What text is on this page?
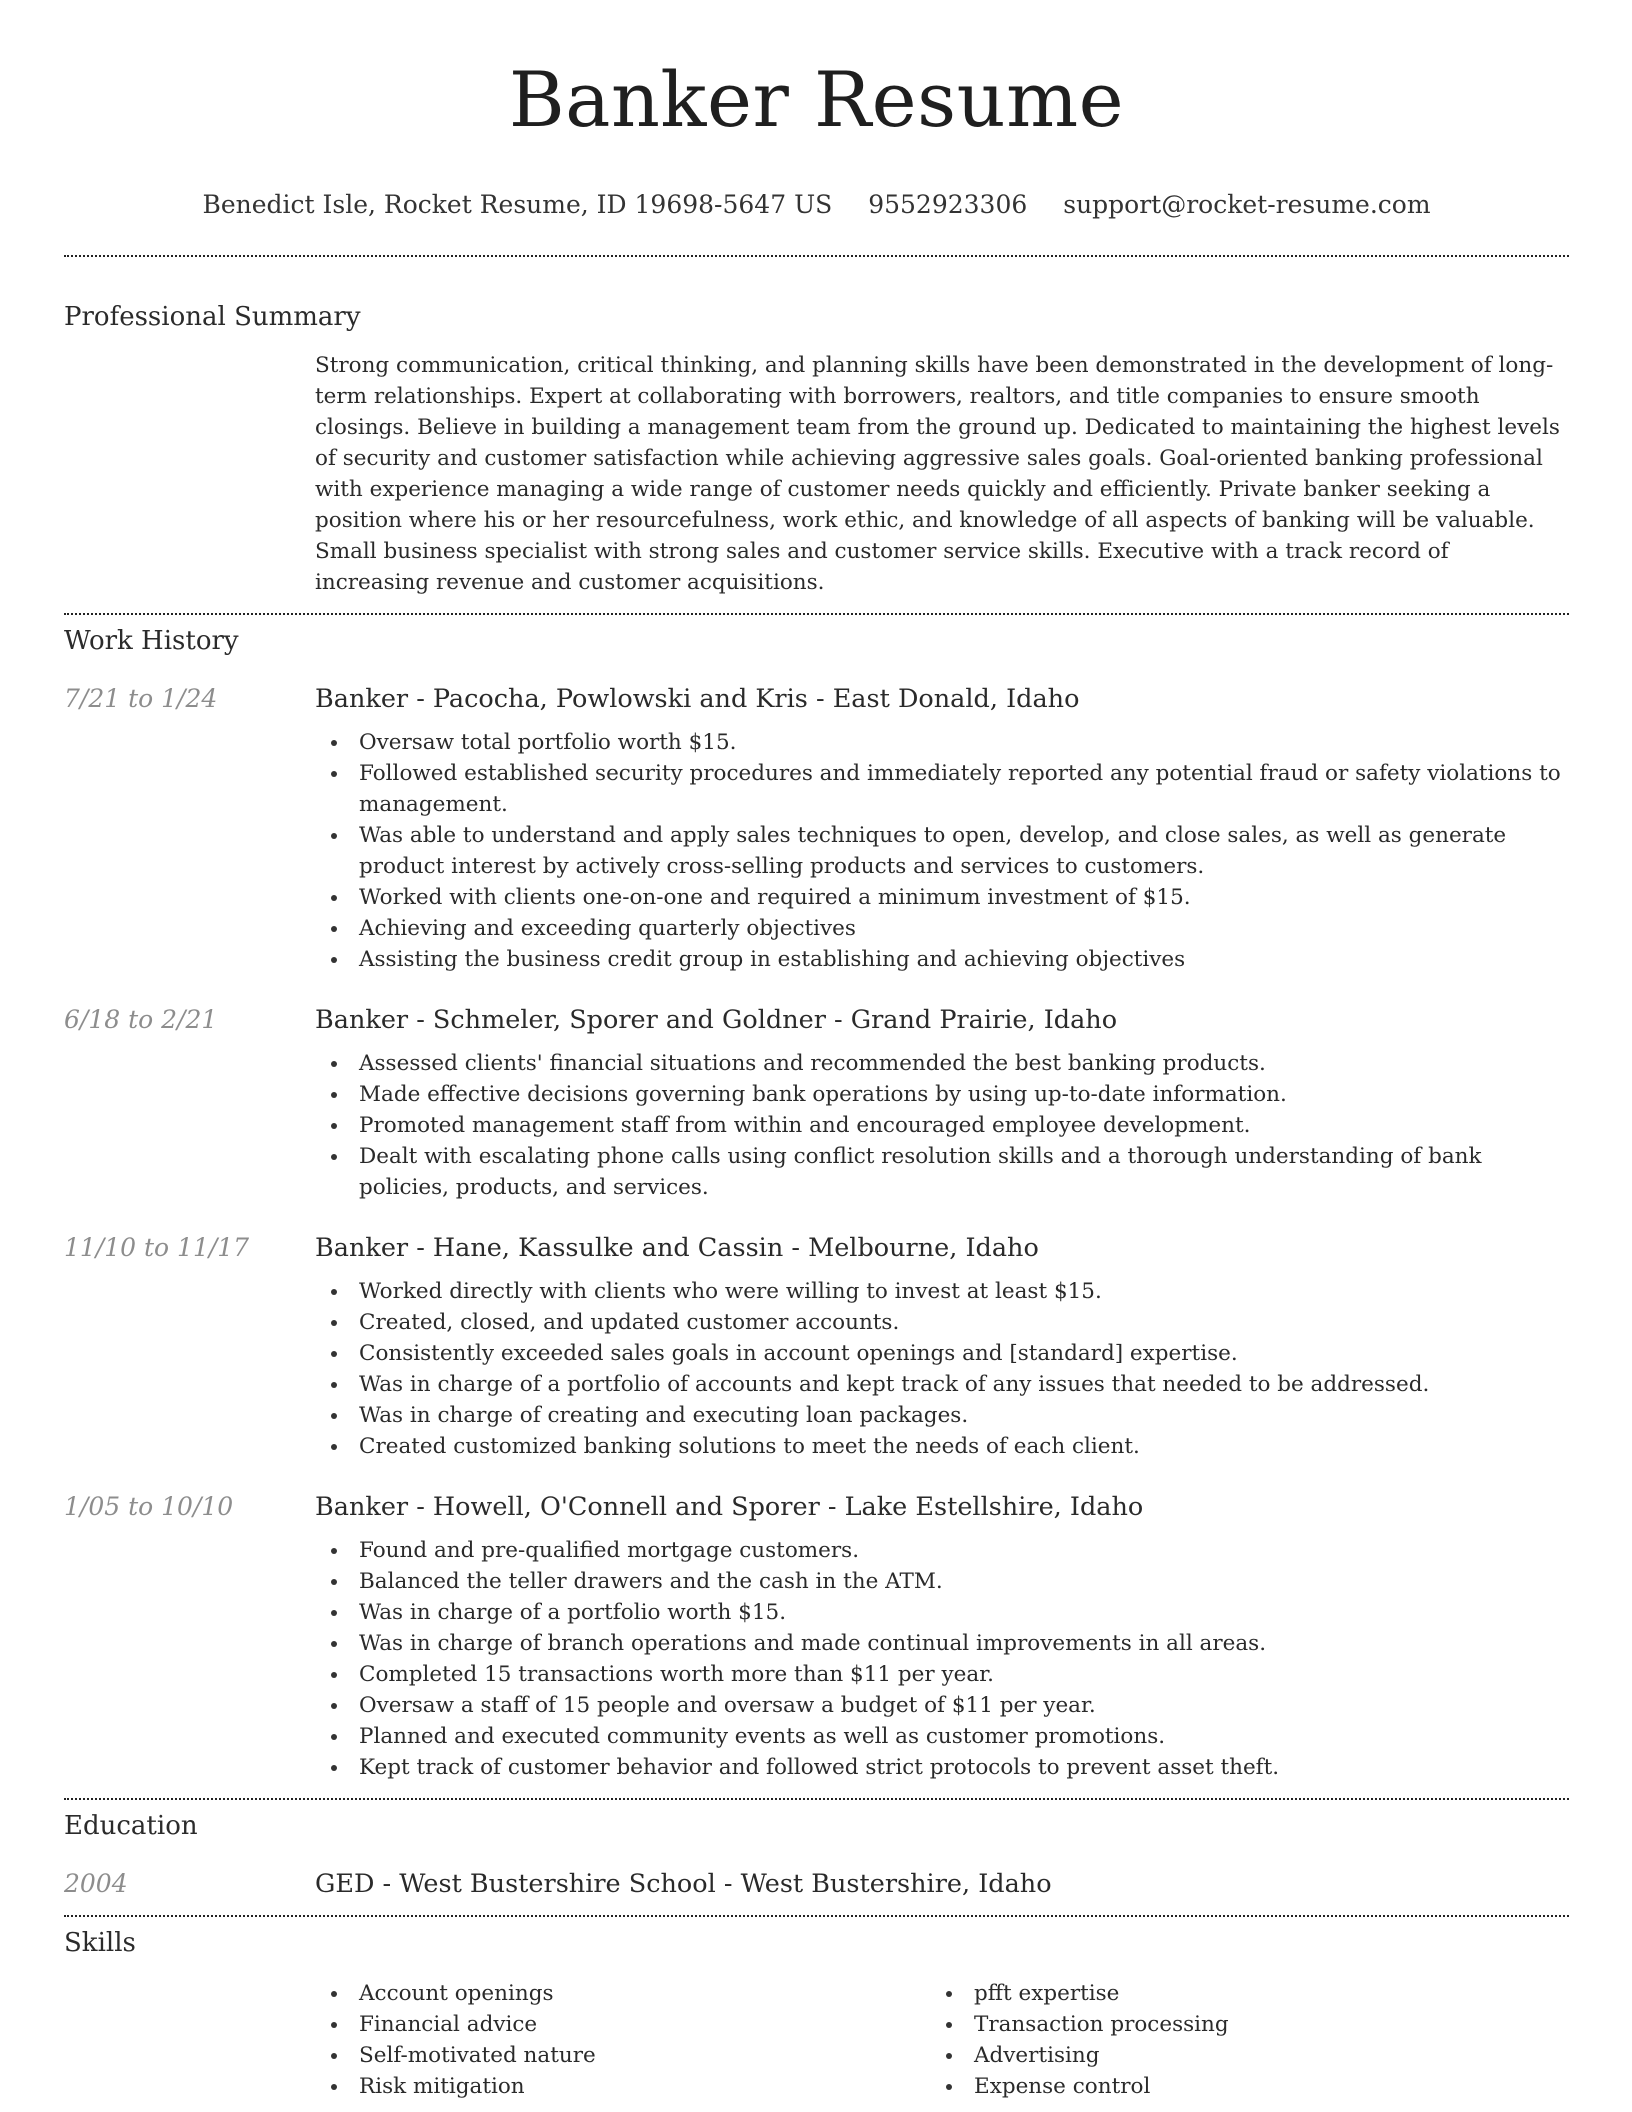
Banker Resume
Benedict Isle, Rocket Resume, ID 19698-5647 US 9552923306 support@rocket-resume.com
Professional Summary
Strong communication, critical thinking, and planning skills have been demonstrated in the development of long-term relationships. Expert at collaborating with borrowers, realtors, and title companies to ensure smooth closings. Believe in building a management team from the ground up. Dedicated to maintaining the highest levels of security and customer satisfaction while achieving aggressive sales goals. Goal-oriented banking professional with experience managing a wide range of customer needs quickly and efficiently. Private banker seeking a position where his or her resourcefulness, work ethic, and knowledge of all aspects of banking will be valuable. Small business specialist with strong sales and customer service skills. Executive with a track record of increasing revenue and customer acquisitions.
Work History
7/21 to 1/24	Banker - Pacocha, Powlowski and Kris - East Donald, Idaho
Oversaw total portfolio worth $15.
Followed established security procedures and immediately reported any potential fraud or safety violations to management.
Was able to understand and apply sales techniques to open, develop, and close sales, as well as generate product interest by actively cross-selling products and services to customers.
Worked with clients one-on-one and required a minimum investment of $15.
Achieving and exceeding quarterly objectives
Assisting the business credit group in establishing and achieving objectives
6/18 to 2/21	Banker - Schmeler, Sporer and Goldner - Grand Prairie, Idaho
Assessed clients' financial situations and recommended the best banking products.
Made effective decisions governing bank operations by using up-to-date information.
Promoted management staff from within and encouraged employee development.
Dealt with escalating phone calls using conflict resolution skills and a thorough understanding of bank policies, products, and services.
11/10 to 11/17	Banker - Hane, Kassulke and Cassin - Melbourne, Idaho
Worked directly with clients who were willing to invest at least $15.
Created, closed, and updated customer accounts.
Consistently exceeded sales goals in account openings and [standard] expertise.
Was in charge of a portfolio of accounts and kept track of any issues that needed to be addressed.
Was in charge of creating and executing loan packages.
Created customized banking solutions to meet the needs of each client.
1/05 to 10/10	Banker - Howell, O'Connell and Sporer - Lake Estellshire, Idaho
Found and pre-qualified mortgage customers.
Balanced the teller drawers and the cash in the ATM.
Was in charge of a portfolio worth $15.
Was in charge of branch operations and made continual improvements in all areas.
Completed 15 transactions worth more than $11 per year.
Oversaw a staff of 15 people and oversaw a budget of $11 per year.
Planned and executed community events as well as customer promotions.
Kept track of customer behavior and followed strict protocols to prevent asset theft.
Education
2004	GED - West Bustershire School - West Bustershire, Idaho
Skills
Account openings
Financial advice
Self-motivated nature
Risk mitigation
pfft expertise
Transaction processing
Advertising
Expense control
